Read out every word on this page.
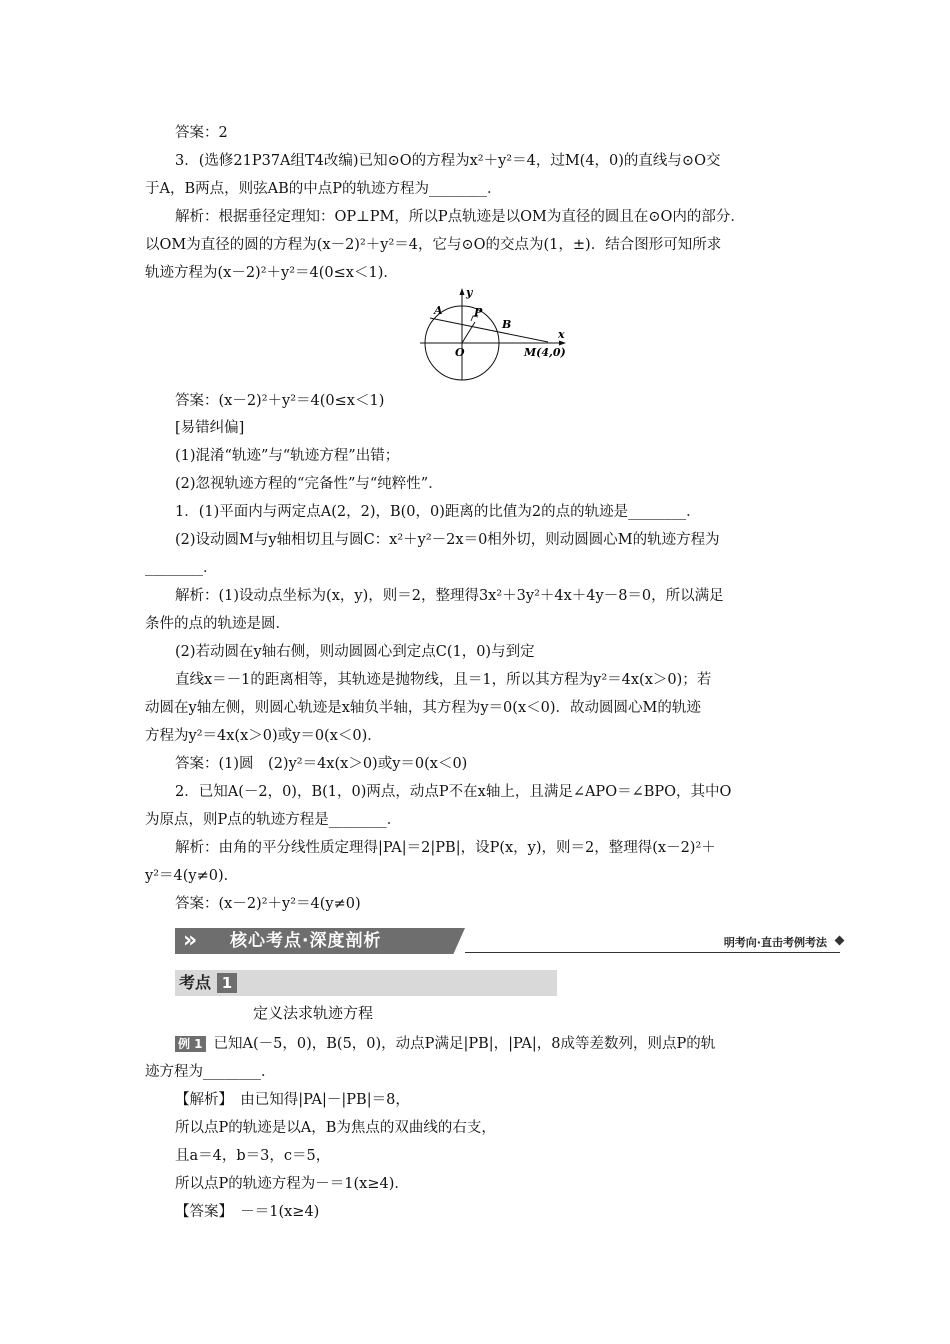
答案：2
3．(选修21P37A组T4改编)已知⊙O的方程为x²＋y²＝4，过M(4，0)的直线与⊙O交
于A，B两点，则弦AB的中点P的轨迹方程为________．
解析：根据垂径定理知：OP⊥PM，所以P点轨迹是以OM为直径的圆且在⊙O内的部分．
以OM为直径的圆的方程为(x－2)²＋y²＝4，它与⊙O的交点为(1，±)．结合图形可知所求
轨迹方程为(x－2)²＋y²＝4(0≤x＜1)．
y
x
A	P
B
O	M(4,0)
答案：(x－2)²＋y²＝4(0≤x＜1)
[易错纠偏]
(1)混淆“轨迹”与“轨迹方程”出错；
(2)忽视轨迹方程的“完备性”与“纯粹性”．
1．(1)平面内与两定点A(2，2)，B(0，0)距离的比值为2的点的轨迹是________．
(2)设动圆M与y轴相切且与圆C：x²＋y²－2x＝0相外切，则动圆圆心M的轨迹方程为
________．
解析：(1)设动点坐标为(x，y)，则＝2，整理得3x²＋3y²＋4x＋4y－8＝0，所以满足
条件的点的轨迹是圆．
(2)若动圆在y轴右侧，则动圆圆心到定点C(1，0)与到定
直线x＝－1的距离相等，其轨迹是抛物线，且＝1，所以其方程为y²＝4x(x＞0)；若
动圆在y轴左侧，则圆心轨迹是x轴负半轴，其方程为y＝0(x＜0)．故动圆圆心M的轨迹
方程为y²＝4x(x＞0)或y＝0(x＜0)．
答案：(1)圆　(2)y²＝4x(x＞0)或y＝0(x＜0)
2．已知A(－2，0)，B(1，0)两点，动点P不在x轴上，且满足∠APO＝∠BPO，其中O
为原点，则P点的轨迹方程是________．
解析：由角的平分线性质定理得|PA|＝2|PB|，设P(x，y)，则＝2，整理得(x－2)²＋
y²＝4(y≠0)．
答案：(x－2)²＋y²＝4(y≠0)
» 核心考点·深度剖析	明考向·直击考例考法
考点 1
定义法求轨迹方程
例 1 已知A(－5，0)，B(5，0)，动点P满足|PB|，|PA|，8成等差数列，则点P的轨
迹方程为________．
【解析】　由已知得|PA|－|PB|＝8，
所以点P的轨迹是以A，B为焦点的双曲线的右支，
且a＝4，b＝3，c＝5，
所以点P的轨迹方程为－＝1(x≥4)．
【答案】　－＝1(x≥4)
